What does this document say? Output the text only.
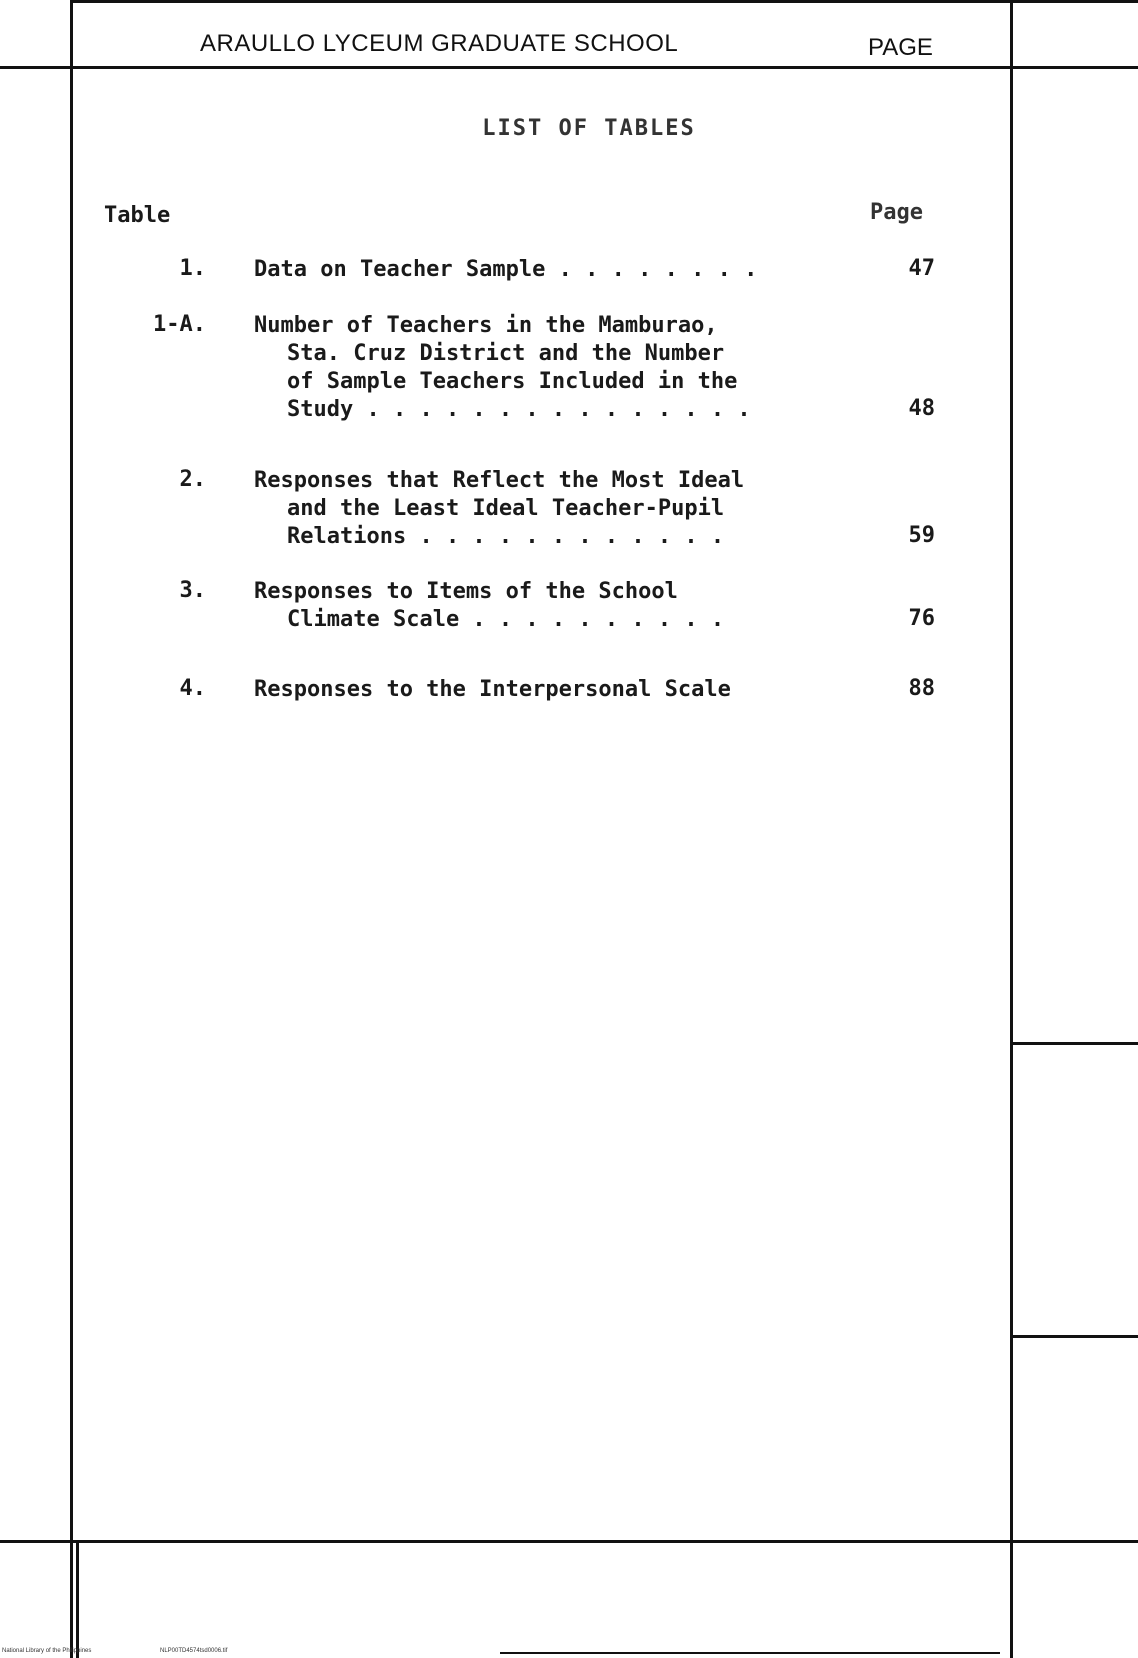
ARAULLO LYCEUM GRADUATE SCHOOL	PAGE
LIST OF TABLES
Table	Page
1. Data on Teacher Sample . . . . . . . .	47
1-A. Number of Teachers in the Mamburao,
Sta. Cruz District and the Number
of Sample Teachers Included in the
Study . . . . . . . . . . . . . . .	48
2. Responses that Reflect the Most Ideal
and the Least Ideal Teacher-Pupil
Relations . . . . . . . . . . . .	59
3. Responses to Items of the School
Climate Scale . . . . . . . . . .	76
4. Responses to the Interpersonal Scale	88
National Library of the Philippines	NLP00TD4574tsd0006.tif
